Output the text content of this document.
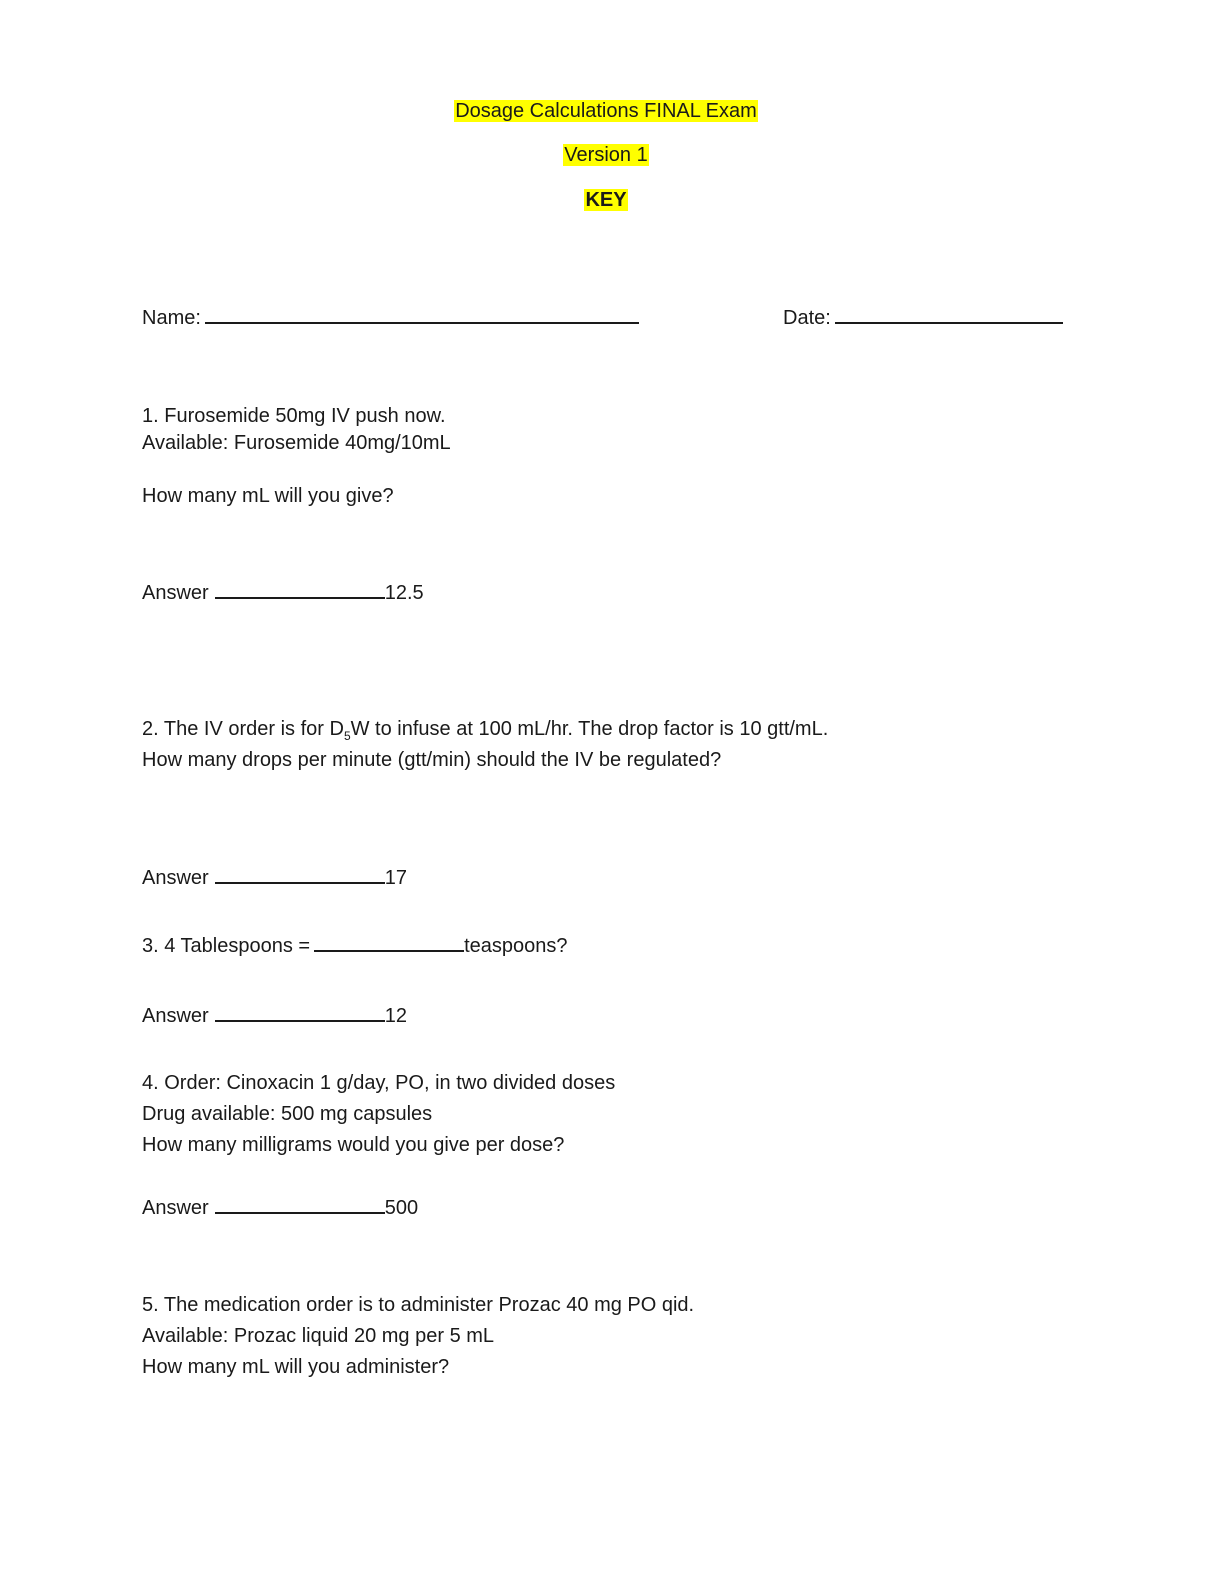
Dosage Calculations FINAL Exam
Version 1
KEY
Name:	Date:
1. Furosemide 50mg IV push now.
Available: Furosemide 40mg/10mL
How many mL will you give?
Answer	12.5
2. The IV order is for $D_5W$ to infuse at 100 mL/hr. The drop factor is 10 gtt/mL.
How many drops per minute (gtt/min) should the IV be regulated?
Answer	17
3. 4 Tablespoons =	teaspoons?
Answer	12
4. Order: Cinoxacin 1 g/day, PO, in two divided doses
Drug available: 500 mg capsules
How many milligrams would you give per dose?
Answer	500
5. The medication order is to administer Prozac 40 mg PO qid.
Available: Prozac liquid 20 mg per 5 mL
How many mL will you administer?
